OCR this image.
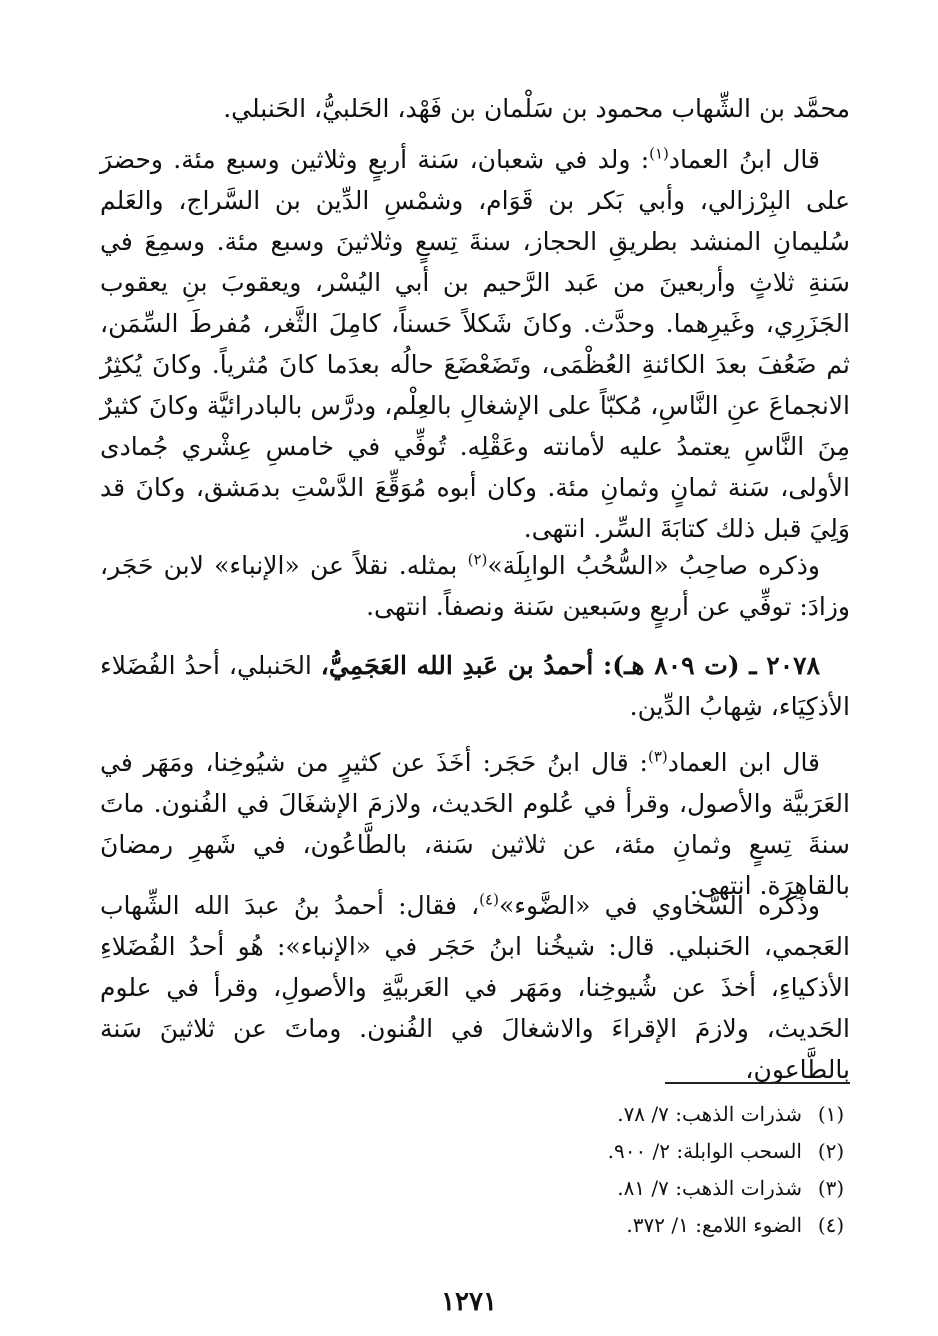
محمَّد بن الشِّهاب محمود بن سَلْمان بن فَهْد، الحَلبيُّ، الحَنبلي.

قال ابنُ العماد$^{(١)}$: ولد في شعبان، سَنة أربعٍ وثلاثين وسبع مئة. وحضرَ على البِرْزالي، وأبي بَكر بن قَوَام، وشمْسِ الدِّين بن السَّراج، والعَلم سُليمانِ المنشد بطريقِ الحجاز، سنةَ تِسعٍ وثلاثينَ وسبع مئة. وسمِعَ في سَنةِ ثلاثٍ وأربعينَ من عَبد الرَّحيم بن أبي اليُسْر، ويعقوبَ بنِ يعقوب الجَزَرِي، وغَيرِهما. وحدَّث. وكانَ شَكلاً حَسناً، كامِلَ الثَّغر، مُفرطَ السِّمَن، ثم ضَعُفَ بعدَ الكائنةِ العُظْمَى، وتَضَعْضَعَ حالُه بعدَما كانَ مُثرياً. وكانَ يُكثِرُ الانجماعَ عنِ النَّاسِ، مُكبّاً على الإشغالِ بالعِلْم، ودرَّس بالبادرائيَّة وكانَ كثيرٌ مِنَ النَّاسِ يعتمدُ عليه لأمانته وعَقْلِه. تُوفِّي في خامسِ عِشْري جُمادى الأولى، سَنة ثمانٍ وثمانِ مئة. وكان أبوه مُوَقِّعَ الدَّسْتِ بدمَشق، وكانَ قد وَلِيَ قبل ذلك كتابَةَ السِّر. انتهى.

وذكره صاحِبُ «السُّحُبُ الوابِلَة»$^{(٢)}$ بمثله. نقلاً عن «الإنباء» لابن حَجَر، وزادَ: توفِّي عن أربعٍ وسَبعين سَنة ونصفاً. انتهى.

٢٠٧٨ ـ (ت ٨٠٩ هـ): أحمدُ بن عَبدِ الله العَجَمِيُّ، الحَنبلي، أحدُ الفُضَلاء الأذكِيَاء، شِهابُ الدِّين.

قال ابن العماد$^{(٣)}$: قال ابنُ حَجَر: أخَذَ عن كثيرٍ من شيُوخِنا، ومَهَر في العَرَبيَّة والأصول، وقرأ في عُلوم الحَديث، ولازمَ الإشغَالَ في الفُنون. ماتَ سنةَ تِسعٍ وثمانِ مئة، عن ثلاثين سَنة، بالطَّاعُون، في شَهرِ رمضانَ بالقاهِرَة. انتهى.

وذكره السَّخاوي في «الضَّوء»$^{(٤)}$، فقال: أحمدُ بنُ عبدَ الله الشِّهاب العَجمي، الحَنبلي. قال: شيخُنا ابنُ حَجَر في «الإنباء»: هُو أحدُ الفُضَلاءِ الأذكياءِ، أخذَ عن شُيوخِنا، ومَهَر في العَربيَّةِ والأصولِ، وقرأ في علوم الحَديث، ولازمَ الإقراءَ والاشغالَ في الفُنون. وماتَ عن ثلاثينَ سَنة بالطَّاعون،

(١)شذرات الذهب: ٧/ ٧٨.
(٢)السحب الوابلة: ٢/ ٩٠٠.
(٣)شذرات الذهب: ٧/ ٨١.
(٤)الضوء اللامع: ١/ ٣٧٢.
١٢٧١
